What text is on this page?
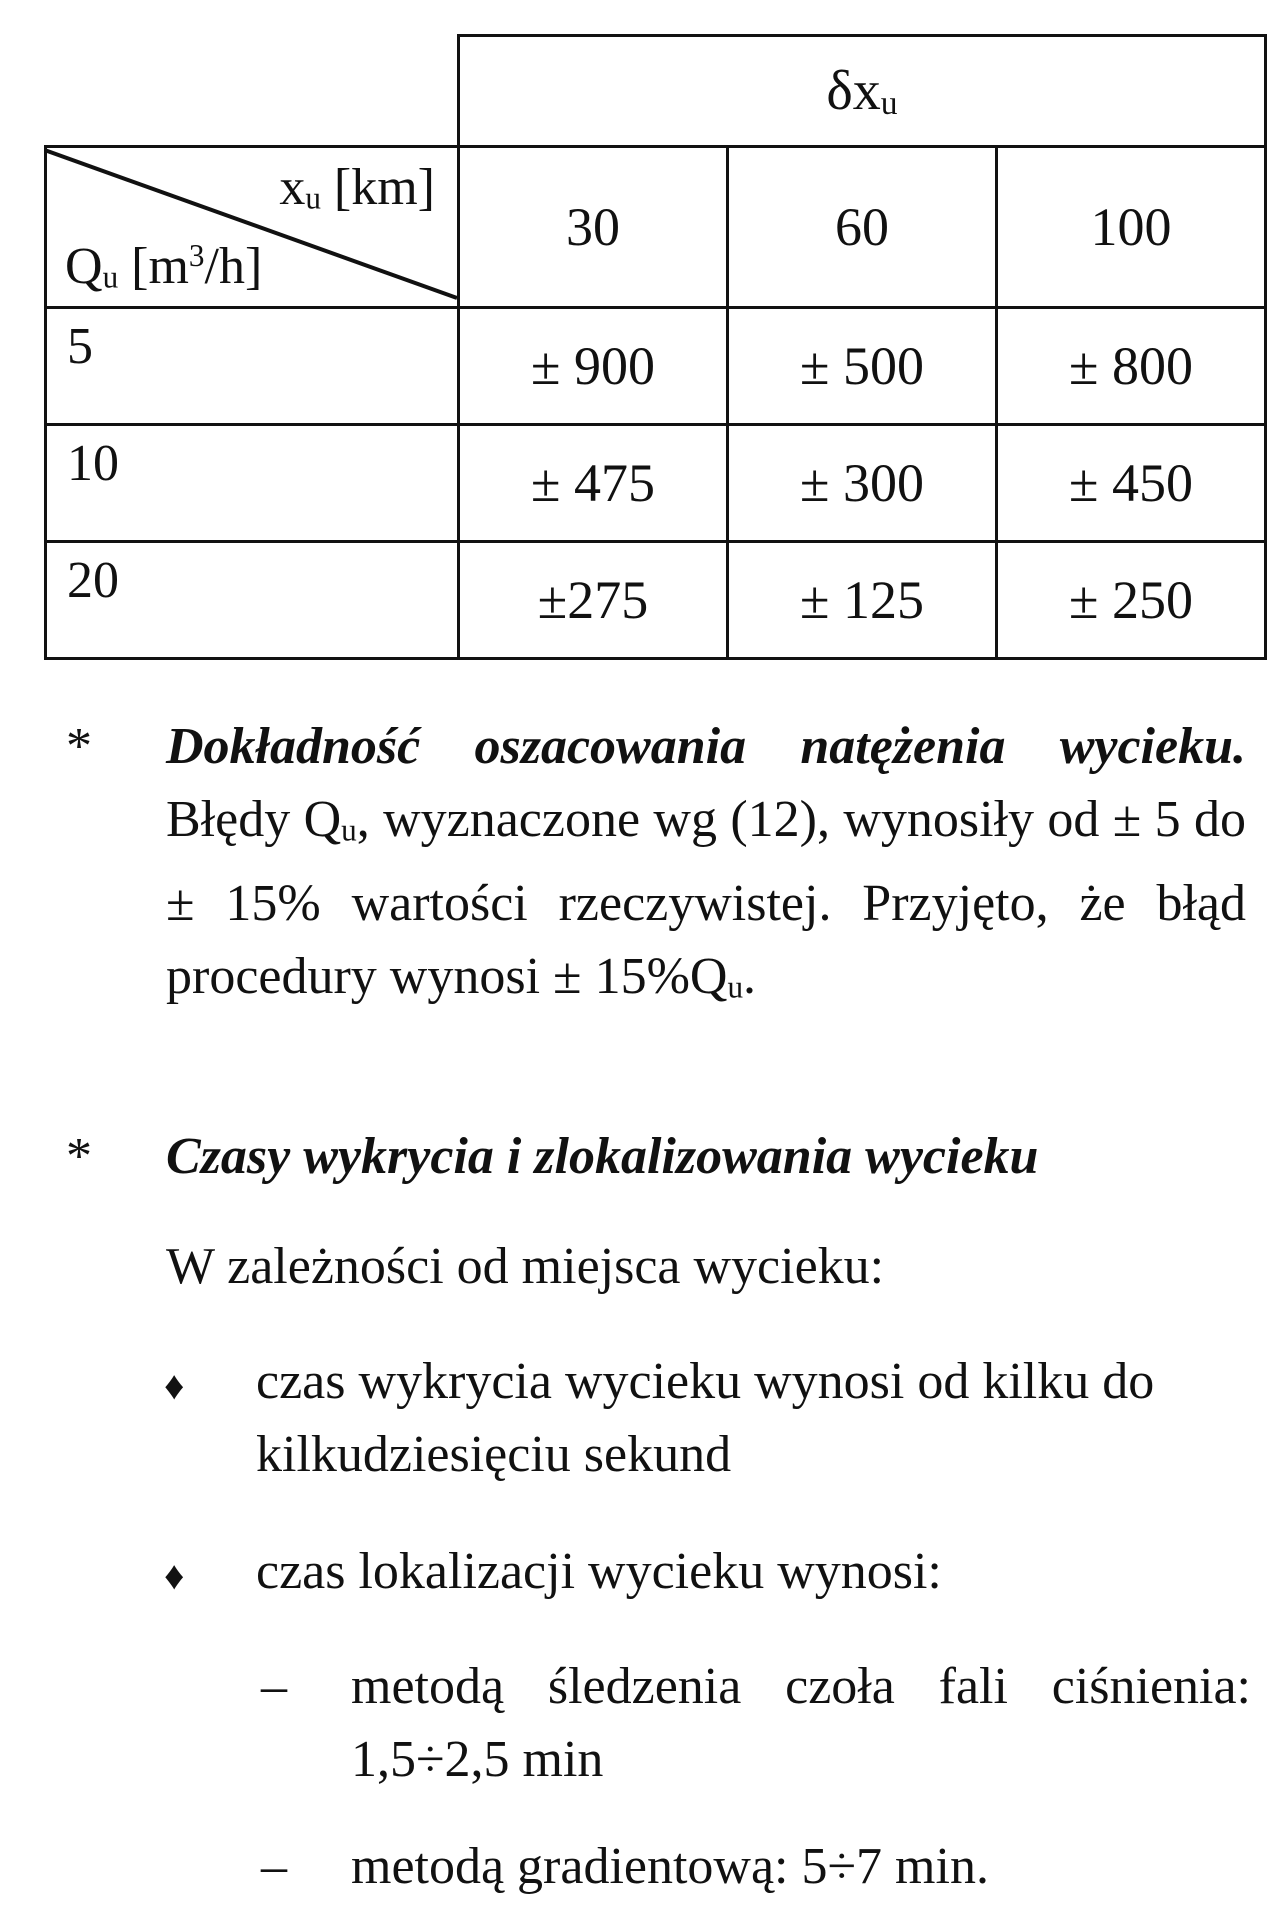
	$\delta x_u$

$x_u$ [km]
$Q_u$ $[m^3/h]$	30	60	100
5	± 900	± 500	± 800
10	± 475	± 300	± 450
20	±275	± 125	± 250
*	Dokładność oszacowania natężenia wycieku. Błędy $Q_u$, wyznaczone wg (12), wynosiły od ± 5 do ± 15% wartości rzeczywistej. Przyjęto, że błąd procedury wynosi ± $15\%Q_u$.
*	Czasy wykrycia i zlokalizowania wycieku
W zależności od miejsca wycieku:
♦ czas wykrycia wycieku wynosi od kilku do kilkudziesięciu sekund
♦ czas lokalizacji wycieku wynosi:
– metodą śledzenia czoła fali ciśnienia: 1,5÷2,5 min
– metodą gradientową: 5÷7 min.
